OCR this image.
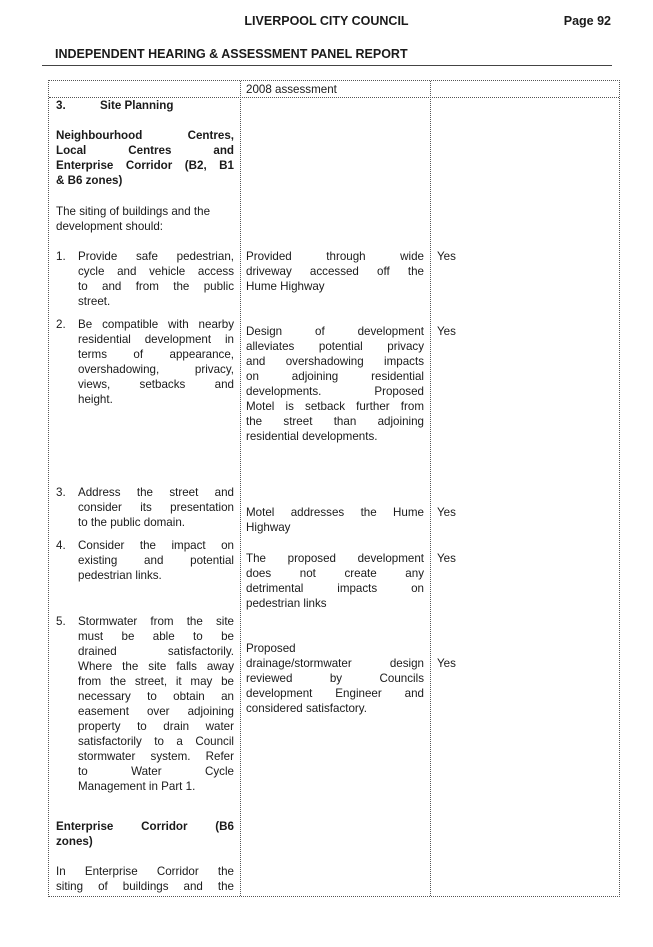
LIVERPOOL CITY COUNCIL	Page 92
INDEPENDENT HEARING & ASSESSMENT PANEL REPORT
2008 assessment
3.	Site Planning
Neighbourhood Centres,
Local Centres and
Enterprise Corridor (B2, B1
& B6 zones)
The siting of buildings and the
development should:
1. Provide safe pedestrian,
cycle and vehicle access
to and from the public
street.
Provided through wide
driveway accessed off the
Hume Highway
Yes
2. Be compatible with nearby
residential development in
terms of appearance,
overshadowing, privacy,
views, setbacks and
height.
Design of development
alleviates potential privacy
and overshadowing impacts
on adjoining residential
developments. Proposed
Motel is setback further from
the street than adjoining
residential developments.
Yes
3. Address the street and
consider its presentation
to the public domain.
Motel addresses the Hume
Highway
Yes
4. Consider the impact on
existing and potential
pedestrian links.
The proposed development
does not create any
detrimental impacts on
pedestrian links
Yes
5. Stormwater from the site
must be able to be
drained satisfactorily.
Where the site falls away
from the street, it may be
necessary to obtain an
easement over adjoining
property to drain water
satisfactorily to a Council
stormwater system. Refer
to Water Cycle
Management in Part 1.
Proposed
drainage/stormwater design
reviewed by Councils
development Engineer and
considered satisfactory.
Yes
Enterprise Corridor (B6
zones)
In Enterprise Corridor the
siting of buildings and the
